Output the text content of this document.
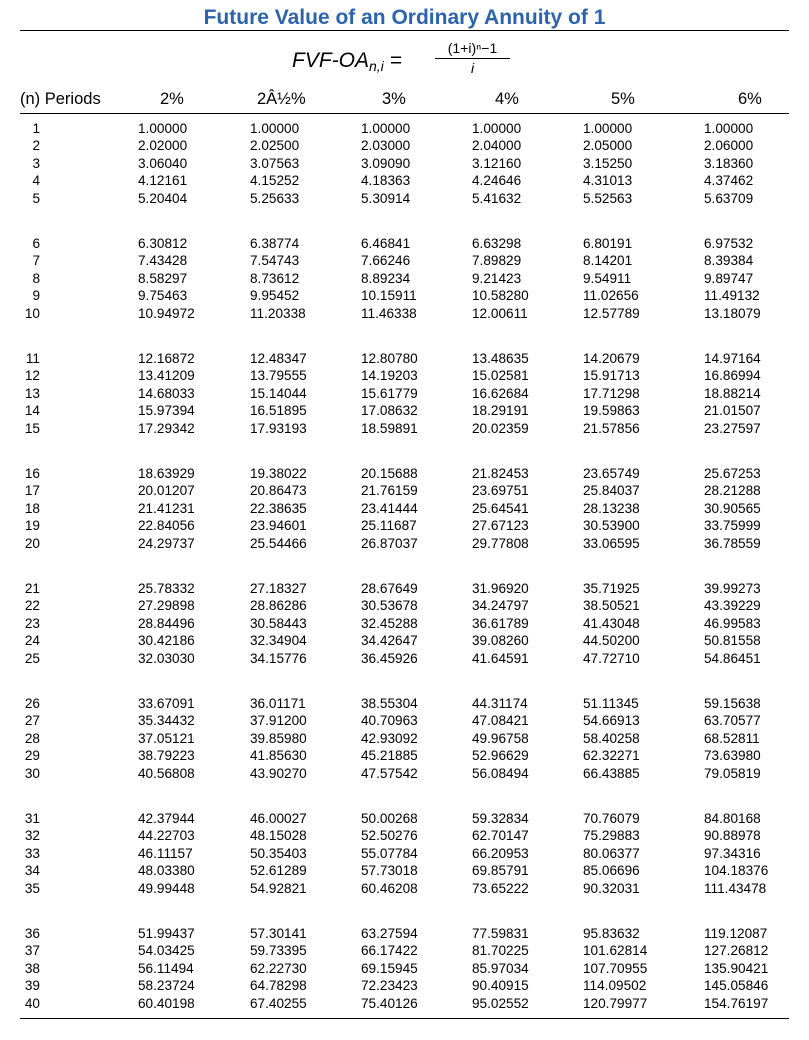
Future Value of an Ordinary Annuity of 1
FVF-$OA_{n,i}$ =
(1+i)ⁿ−1
i
(n) Periods	2%	2Â½%	3%	4%	5%	6%
1	1.00000	1.00000	1.00000	1.00000	1.00000	1.00000
2	2.02000	2.02500	2.03000	2.04000	2.05000	2.06000
3	3.06040	3.07563	3.09090	3.12160	3.15250	3.18360
4	4.12161	4.15252	4.18363	4.24646	4.31013	4.37462
5	5.20404	5.25633	5.30914	5.41632	5.52563	5.63709
6	6.30812	6.38774	6.46841	6.63298	6.80191	6.97532
7	7.43428	7.54743	7.66246	7.89829	8.14201	8.39384
8	8.58297	8.73612	8.89234	9.21423	9.54911	9.89747
9	9.75463	9.95452	10.15911	10.58280	11.02656	11.49132
10	10.94972	11.20338	11.46338	12.00611	12.57789	13.18079
11	12.16872	12.48347	12.80780	13.48635	14.20679	14.97164
12	13.41209	13.79555	14.19203	15.02581	15.91713	16.86994
13	14.68033	15.14044	15.61779	16.62684	17.71298	18.88214
14	15.97394	16.51895	17.08632	18.29191	19.59863	21.01507
15	17.29342	17.93193	18.59891	20.02359	21.57856	23.27597
16	18.63929	19.38022	20.15688	21.82453	23.65749	25.67253
17	20.01207	20.86473	21.76159	23.69751	25.84037	28.21288
18	21.41231	22.38635	23.41444	25.64541	28.13238	30.90565
19	22.84056	23.94601	25.11687	27.67123	30.53900	33.75999
20	24.29737	25.54466	26.87037	29.77808	33.06595	36.78559
21	25.78332	27.18327	28.67649	31.96920	35.71925	39.99273
22	27.29898	28.86286	30.53678	34.24797	38.50521	43.39229
23	28.84496	30.58443	32.45288	36.61789	41.43048	46.99583
24	30.42186	32.34904	34.42647	39.08260	44.50200	50.81558
25	32.03030	34.15776	36.45926	41.64591	47.72710	54.86451
26	33.67091	36.01171	38.55304	44.31174	51.11345	59.15638
27	35.34432	37.91200	40.70963	47.08421	54.66913	63.70577
28	37.05121	39.85980	42.93092	49.96758	58.40258	68.52811
29	38.79223	41.85630	45.21885	52.96629	62.32271	73.63980
30	40.56808	43.90270	47.57542	56.08494	66.43885	79.05819
31	42.37944	46.00027	50.00268	59.32834	70.76079	84.80168
32	44.22703	48.15028	52.50276	62.70147	75.29883	90.88978
33	46.11157	50.35403	55.07784	66.20953	80.06377	97.34316
34	48.03380	52.61289	57.73018	69.85791	85.06696	104.18376
35	49.99448	54.92821	60.46208	73.65222	90.32031	111.43478
36	51.99437	57.30141	63.27594	77.59831	95.83632	119.12087
37	54.03425	59.73395	66.17422	81.70225	101.62814	127.26812
38	56.11494	62.22730	69.15945	85.97034	107.70955	135.90421
39	58.23724	64.78298	72.23423	90.40915	114.09502	145.05846
40	60.40198	67.40255	75.40126	95.02552	120.79977	154.76197
